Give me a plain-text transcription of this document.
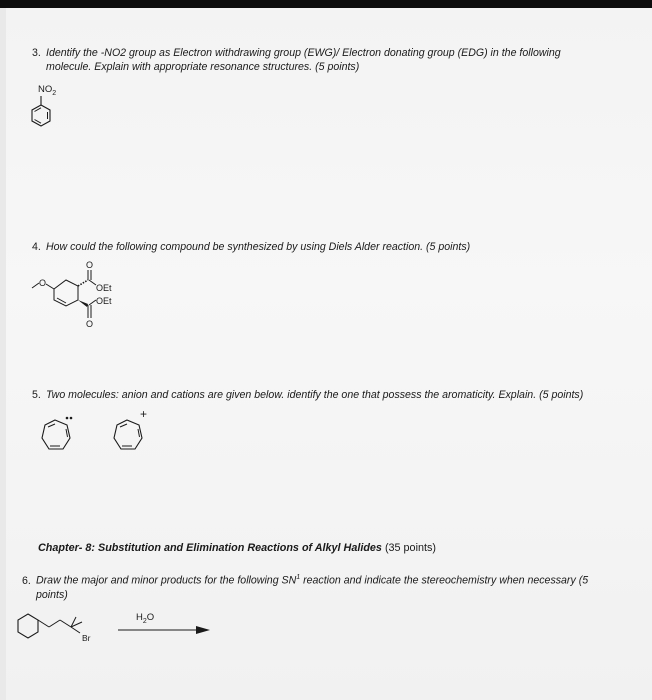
3. Identify the -NO2 group as Electron withdrawing group (EWG)/ Electron donating group (EDG) in the following
molecule. Explain with appropriate resonance structures. (5 points)
$NO_2$
4. How could the following compound be synthesized by using Diels Alder reaction. (5 points)
O
O
OEt
O
OEt
5. Two molecules: anion and cations are given below. identify the one that possess the aromaticity. Explain. (5 points)
+
Chapter- 8: Substitution and Elimination Reactions of Alkyl Halides (35 points)
6. Draw the major and minor products for the following $SN^1$ reaction and indicate the stereochemistry when necessary (5
points)
Br
$H_2O$
